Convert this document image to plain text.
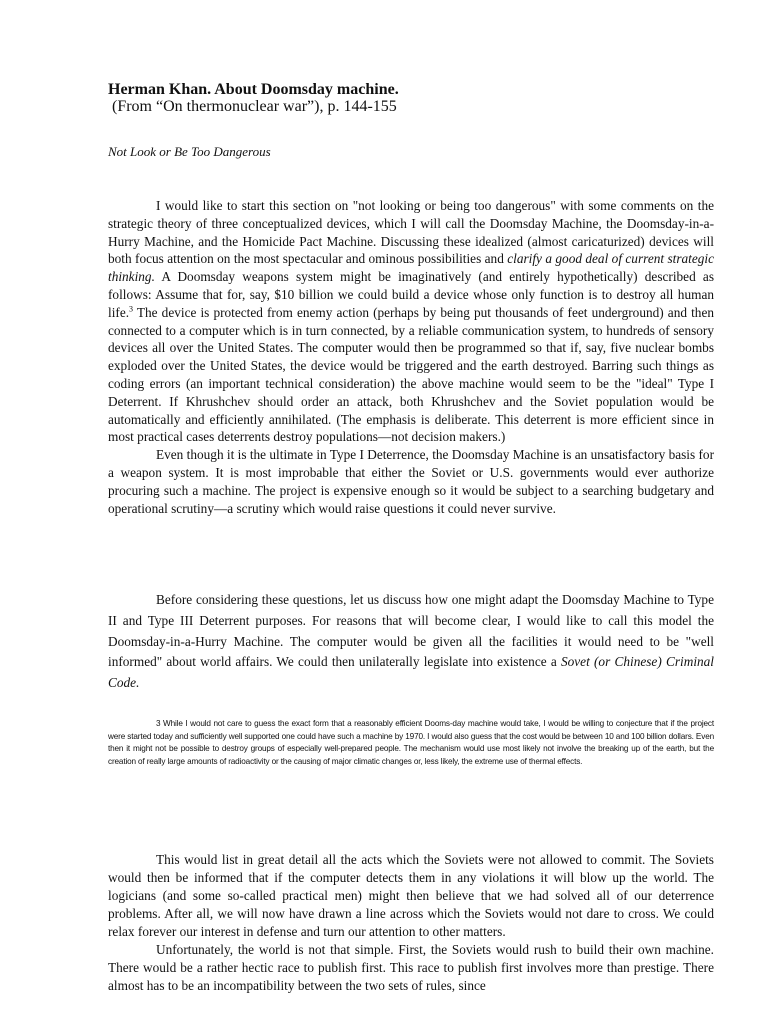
Herman Khan. About Doomsday machine.
(From “On thermonuclear war”), p. 144-155
Not Look or Be Too Dangerous

I would like to start this section on "not looking or being too dangerous" with some comments on the strategic theory of three conceptualized devices, which I will call the Doomsday Machine, the Doomsday-in-a-Hurry Machine, and the Homicide Pact Machine. Discussing these idealized (almost caricaturized) devices will both focus attention on the most spectacular and ominous possibilities and clarify a good deal of current strategic thinking. A Doomsday weapons system might be imaginatively (and entirely hypothetically) described as follows: Assume that for, say, $10 billion we could build a device whose only function is to destroy all human life.$^3$ The device is protected from enemy action (perhaps by being put thousands of feet underground) and then connected to a computer which is in turn connected, by a reliable communication system, to hundreds of sensory devices all over the United States. The computer would then be programmed so that if, say, five nuclear bombs exploded over the United States, the device would be triggered and the earth destroyed. Barring such things as coding errors (an important technical consideration) the above machine would seem to be the "ideal" Type I Deterrent. If Khrushchev should order an attack, both Khrushchev and the Soviet population would be automatically and efficiently annihilated. (The emphasis is deliberate. This deterrent is more efficient since in most practical cases deterrents destroy populations—not decision makers.)

Even though it is the ultimate in Type I Deterrence, the Doomsday Machine is an unsatisfactory basis for a weapon system. It is most improbable that either the Soviet or U.S. governments would ever authorize procuring such a machine. The project is expensive enough so it would be subject to a searching budgetary and operational scrutiny—a scrutiny which would raise questions it could never survive.

Before considering these questions, let us discuss how one might adapt the Doomsday Machine to Type II and Type III Deterrent purposes. For reasons that will become clear, I would like to call this model the Doomsday-in-a-Hurry Machine. The computer would be given all the facilities it would need to be "well informed" about world affairs. We could then unilaterally legislate into existence a Sovet (or Chinese) Criminal Code.

3 While I would not care to guess the exact form that a reasonably efficient Dooms-day machine would take, I would be willing to conjecture that if the project were started today and sufficiently well supported one could have such a machine by 1970. I would also guess that the cost would be between 10 and 100 billion dollars. Even then it might not be possible to destroy groups of especially well-prepared people. The mechanism would use most likely not involve the breaking up of the earth, but the creation of really large amounts of radioactivity or the causing of major climatic changes or, less likely, the extreme use of thermal effects.

This would list in great detail all the acts which the Soviets were not allowed to commit. The Soviets would then be informed that if the computer detects them in any violations it will blow up the world. The logicians (and some so-called practical men) might then believe that we had solved all of our deterrence problems. After all, we will now have drawn a line across which the Soviets would not dare to cross. We could relax forever our interest in defense and turn our attention to other matters.

Unfortunately, the world is not that simple. First, the Soviets would rush to build their own machine. There would be a rather hectic race to publish first. This race to publish first involves more than prestige. There almost has to be an incompatibility between the two sets of rules, since
